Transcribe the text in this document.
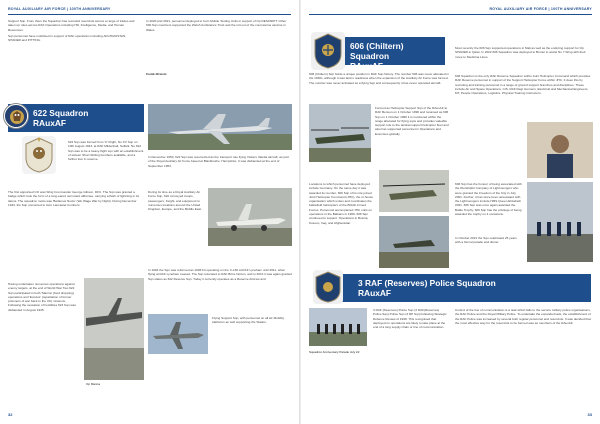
ROYAL AUXILIARY AIR FORCE | 100TH ANNIVERSARY

Support Sqn. From them the Squadron has recruited reservists across a range of trades and taken up roles across RAF Operations including HR, Intelligence, Media, and Human Resources.

Sqn personnel have mobilised in support of RAF operations including AFGHANISTAN, SHADER and PITTING.

In 2020 and 2021, personnel deployed to form Mobile Testing Units in support of Op RESCRIPT. Other 600 Sqn members supported the Welsh Ambulance Trust and the roll out of the coronavirus vaccine in Wales.
Covid-19 tests
622 Squadron
RAuxAF
622 Sqn was formed from 'C' Flight, No XV Sqn on 10th August 1943, at RAF Mildenhall, Suffolk. No 622 Sqn was to be a heavy-flight sqn with an establishment of sixteen Short Stirling bombers available, and a further four in reserve.
The first appointed CO was Wing Commander George Gibson, DFC. The Sqn was granted a badge which took the form of a long-eared owl rotant affrontee, carrying a flash of lightning in its talons. The squadron motto was 'Bellamus Noctu' (We Wage War by Night). During December 1943, the Sqn converted to Avro Lancaster bombers.
In December 1950, 622 Sqn was resurrected as the transport role flying Vickers Valetta aircraft, as part of the Royal Auxiliary Air Force based at Blackbushe, Hampshire. It was disbanded at the end of September 1953.
During its time as a Royal Auxiliary Air Force Sqn, 622 conveyed troops, passengers, freight, and equipment to numerous locations around the United Kingdom, Europe, and the Middle East.
In 1994 the Sqn was reformed as 1696 Fit operating on the C-130 at RAF Lyneham until 2011, when flying at RAF Lyneham ceased. The Sqn relocated to RAF Brize Norton, and in 2013 it was again granted Sqn status as 622 Reserve Sqn. Today it currently operates as a Reserve Aircrew and
Flying Support Sqn, with personnel on all Air Mobility platforms as well supporting the Station.
Having undertaken numerous operations against enemy targets, at the end of World War Two 622 Sqn participated in both 'Manna' (food dropping) operations and 'Exodus' (repatriation of former prisoners of war back to the UK) missions. Following the cessation of hostilities 622 Sqn was disbanded in August 1945.
Op Manna
32
ROYAL AUXILIARY AIR FORCE | 100TH ANNIVERSARY
606 (Chiltern) Squadron
RAuxAF
606 (Chiltern) Sqn holds a unique position in RAF Sqn history. The number 606 was never allocated in the 1930s, although it was laid in readiness when the expansion of the Auxiliary Air Force was formed. The number was never activated as a flying Sqn and consequently it has never operated aircraft.
Formed as Helicopter Support Sqn of the RAuxAF at RAF Benson on 1 October 1996 and renamed as 606 Sqn on 1 October 1996 it is numbered within the range allocated for flying sqns and provides valuable support role to the tactical support helicopter fleet and also has supported personnel in Operations and Exercises globally.
Locations to which personnel have deployed include Germany. On the same day it was awarded its number, 606 Sqn of its role joined Joint Helicopter Command (JHC), the in-house organisation which unites and coordinates the battlefield helicopters of the British Armed Forces. Personnel accompanied JHC units on operations in the Balkans in 1999, 606 Sqn continued to support. Operations in Bosnia, Kosovo, Iraq, and Afghanistan.
Most recently the 606 Sqn supported operations in Mali as well as the enduring support for Op SHADER in Qatar. In 2022 606 Squadron was deployed to Brunei to assist No 7 Wing with their move to Medicina Lines.
606 Squadron is the only RAF Reserve Squadron within Joint Helicopter Command which provides RAF Reserve personnel in support of the Support Helicopter Force within JHC. It does this by recruiting and training personnel in a range of ground support branches and disciplines. These include Air and Space Operations, CIS, RAF Regt Gunners, Electrical and Mechanical Engineers, MT, People Operations, Logistics, Physical Training Instructors.
606 Sqn has the honour of being associated with the Worshipful Company of Lightmongers who were granted the Freedom of the City in July 2001. Further, it has since been associated with the Lightmongers include HMS Queen Elizabeth 2021. 606 Sqn was once again awarded the Battle Trophy, 606 Sqn has the privilege of being awarded the trophy on 4 occasions.
In October 2021 the Sqn celebrated 25 years with a formal parade and dinner.
3 RAF (Reserves) Police Squadron
RAuxAF
Squadron Anniversary Parade July 22
3 RAF (Reserves) Police Sqn (3 RAF(Reserves) Police Sqn) Police Sqn (3 RP Sqn) following Strategic Defence Review of 1998. This recognised that deployed on operations are likely to take place at the end of a long supply chain or line of communication.
Control of the line of communication is a task which falls to the service military police organisations, the RAF Police and the Royal Military Police. To undertake the expanded task, the establishment of the RAF Police was increased by several both regular personnel and reservists. It was decided that the most effective way for the reservists to be formed was as members of the RAuxAF.
33
